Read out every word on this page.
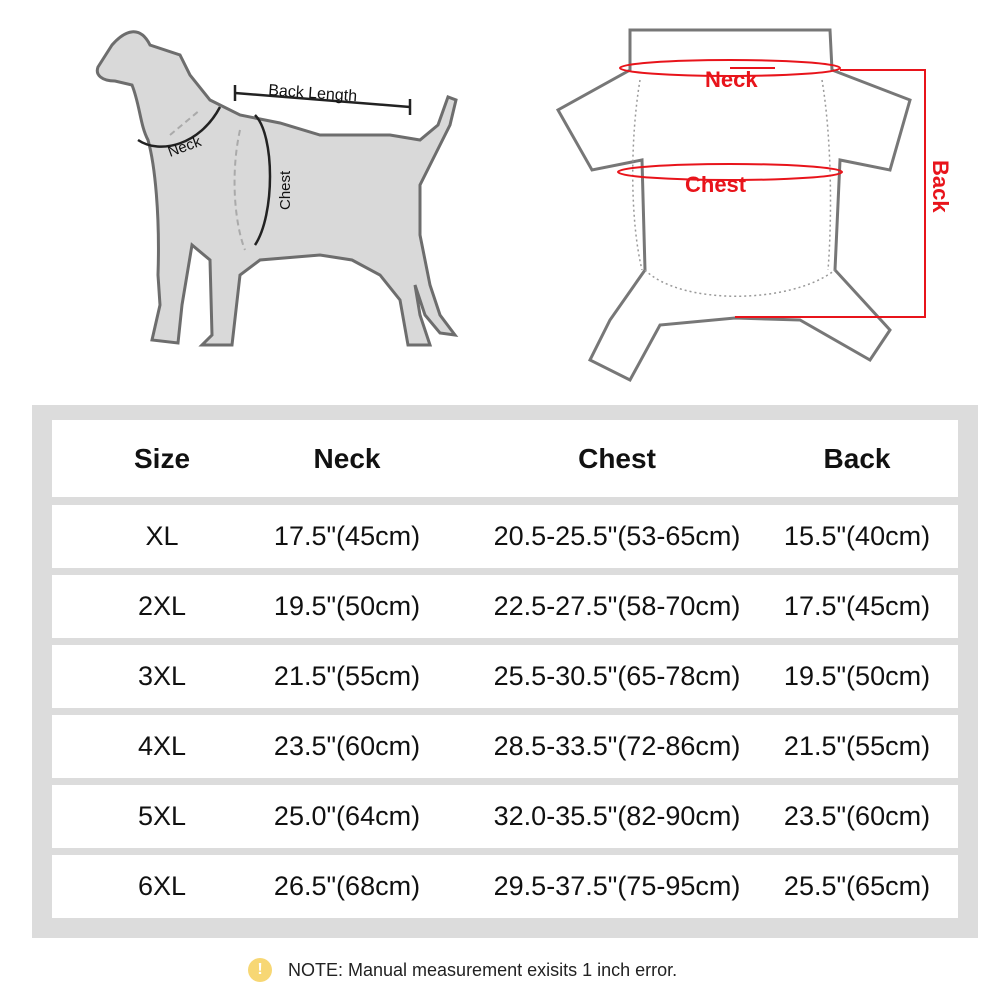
Back Length
Neck
Chest
Neck
Chest	Back
Size	Neck	Chest	Back
XL	17.5"(45cm)	20.5-25.5"(53-65cm)	15.5"(40cm)
2XL	19.5"(50cm)	22.5-27.5"(58-70cm)	17.5"(45cm)
3XL	21.5"(55cm)	25.5-30.5"(65-78cm)	19.5"(50cm)
4XL	23.5"(60cm)	28.5-33.5"(72-86cm)	21.5"(55cm)
5XL	25.0"(64cm)	32.0-35.5"(82-90cm)	23.5"(60cm)
6XL	26.5"(68cm)	29.5-37.5"(75-95cm)	25.5"(65cm)
!	NOTE: Manual measurement exisits 1 inch error.
